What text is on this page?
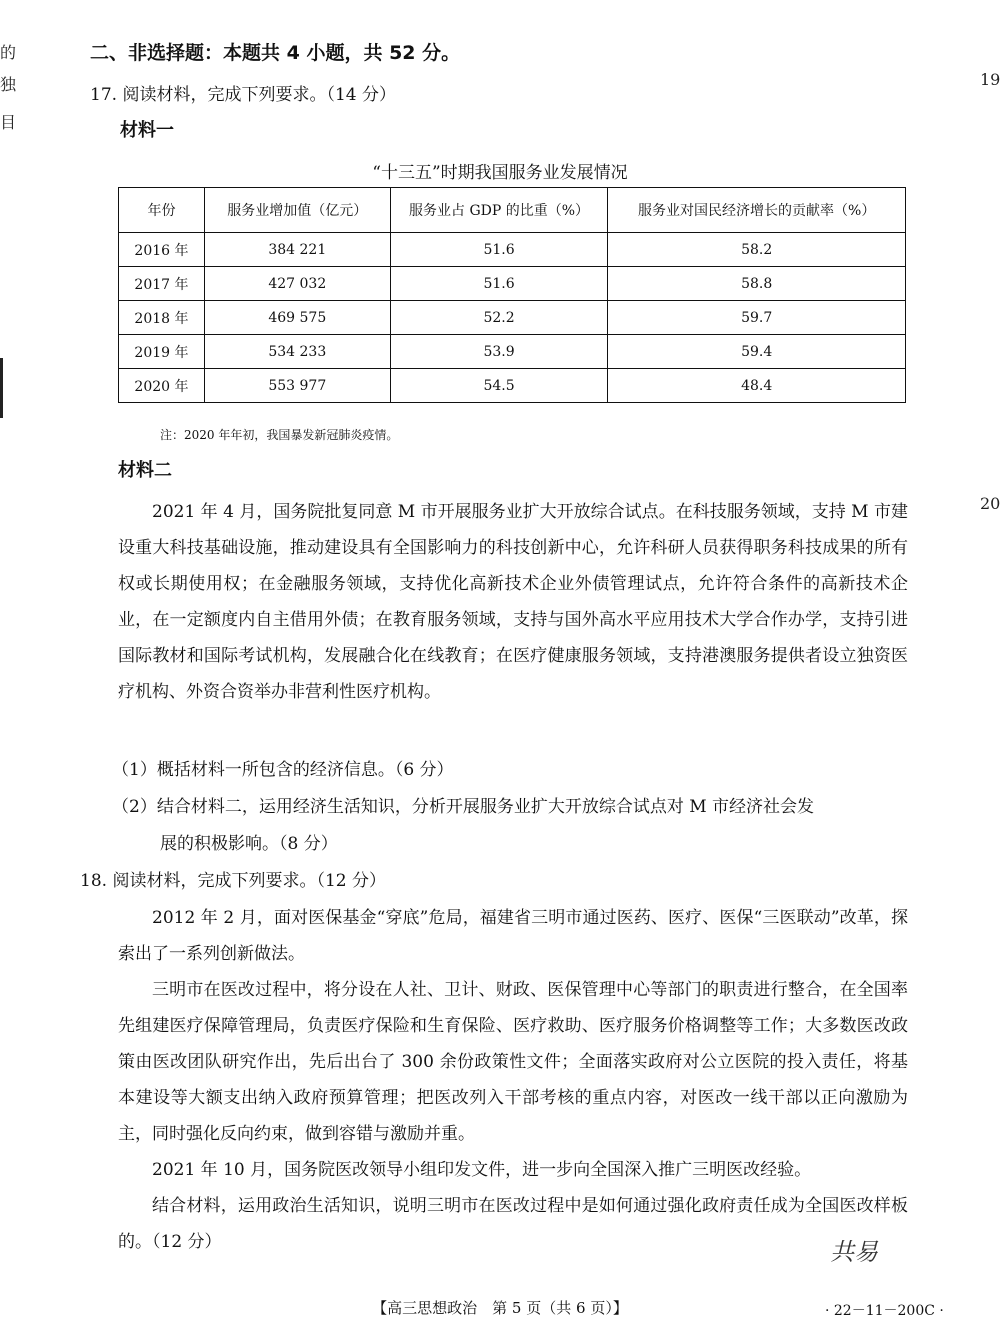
的
独
目
19
20
二、非选择题：本题共 4 小题，共 52 分。
17. 阅读材料，完成下列要求。（14 分）
材料一
“十三五”时期我国服务业发展情况
年份	服务业增加值（亿元）	服务业占 GDP 的比重（%）	服务业对国民经济增长的贡献率（%）
2016 年	384 221	51.6	58.2
2017 年	427 032	51.6	58.8
2018 年	469 575	52.2	59.7
2019 年	534 233	53.9	59.4
2020 年	553 977	54.5	48.4
注：2020 年年初，我国暴发新冠肺炎疫情。
材料二

2021 年 4 月，国务院批复同意 M 市开展服务业扩大开放综合试点。在科技服务领域，支持 M 市建设重大科技基础设施，推动建设具有全国影响力的科技创新中心，允许科研人员获得职务科技成果的所有权或长期使用权；在金融服务领域，支持优化高新技术企业外债管理试点，允许符合条件的高新技术企业，在一定额度内自主借用外债；在教育服务领域，支持与国外高水平应用技术大学合作办学，支持引进国际教材和国际考试机构，发展融合化在线教育；在医疗健康服务领域，支持港澳服务提供者设立独资医疗机构、外资合资举办非营利性医疗机构。

（1）概括材料一所包含的经济信息。（6 分）
（2）结合材料二，运用经济生活知识，分析开展服务业扩大开放综合试点对 M 市经济社会发
展的积极影响。（8 分）
18. 阅读材料，完成下列要求。（12 分）

2012 年 2 月，面对医保基金“穿底”危局，福建省三明市通过医药、医疗、医保“三医联动”改革，探索出了一系列创新做法。

三明市在医改过程中，将分设在人社、卫计、财政、医保管理中心等部门的职责进行整合，在全国率先组建医疗保障管理局，负责医疗保险和生育保险、医疗救助、医疗服务价格调整等工作；大多数医改政策由医改团队研究作出，先后出台了 300 余份政策性文件；全面落实政府对公立医院的投入责任，将基本建设等大额支出纳入政府预算管理；把医改列入干部考核的重点内容，对医改一线干部以正向激励为主，同时强化反向约束，做到容错与激励并重。

2021 年 10 月，国务院医改领导小组印发文件，进一步向全国深入推广三明医改经验。

结合材料，运用政治生活知识，说明三明市在医改过程中是如何通过强化政府责任成为全国医改样板的。（12 分）	共易
【高三思想政治　第 5 页（共 6 页）】	· 22－11－200C ·
